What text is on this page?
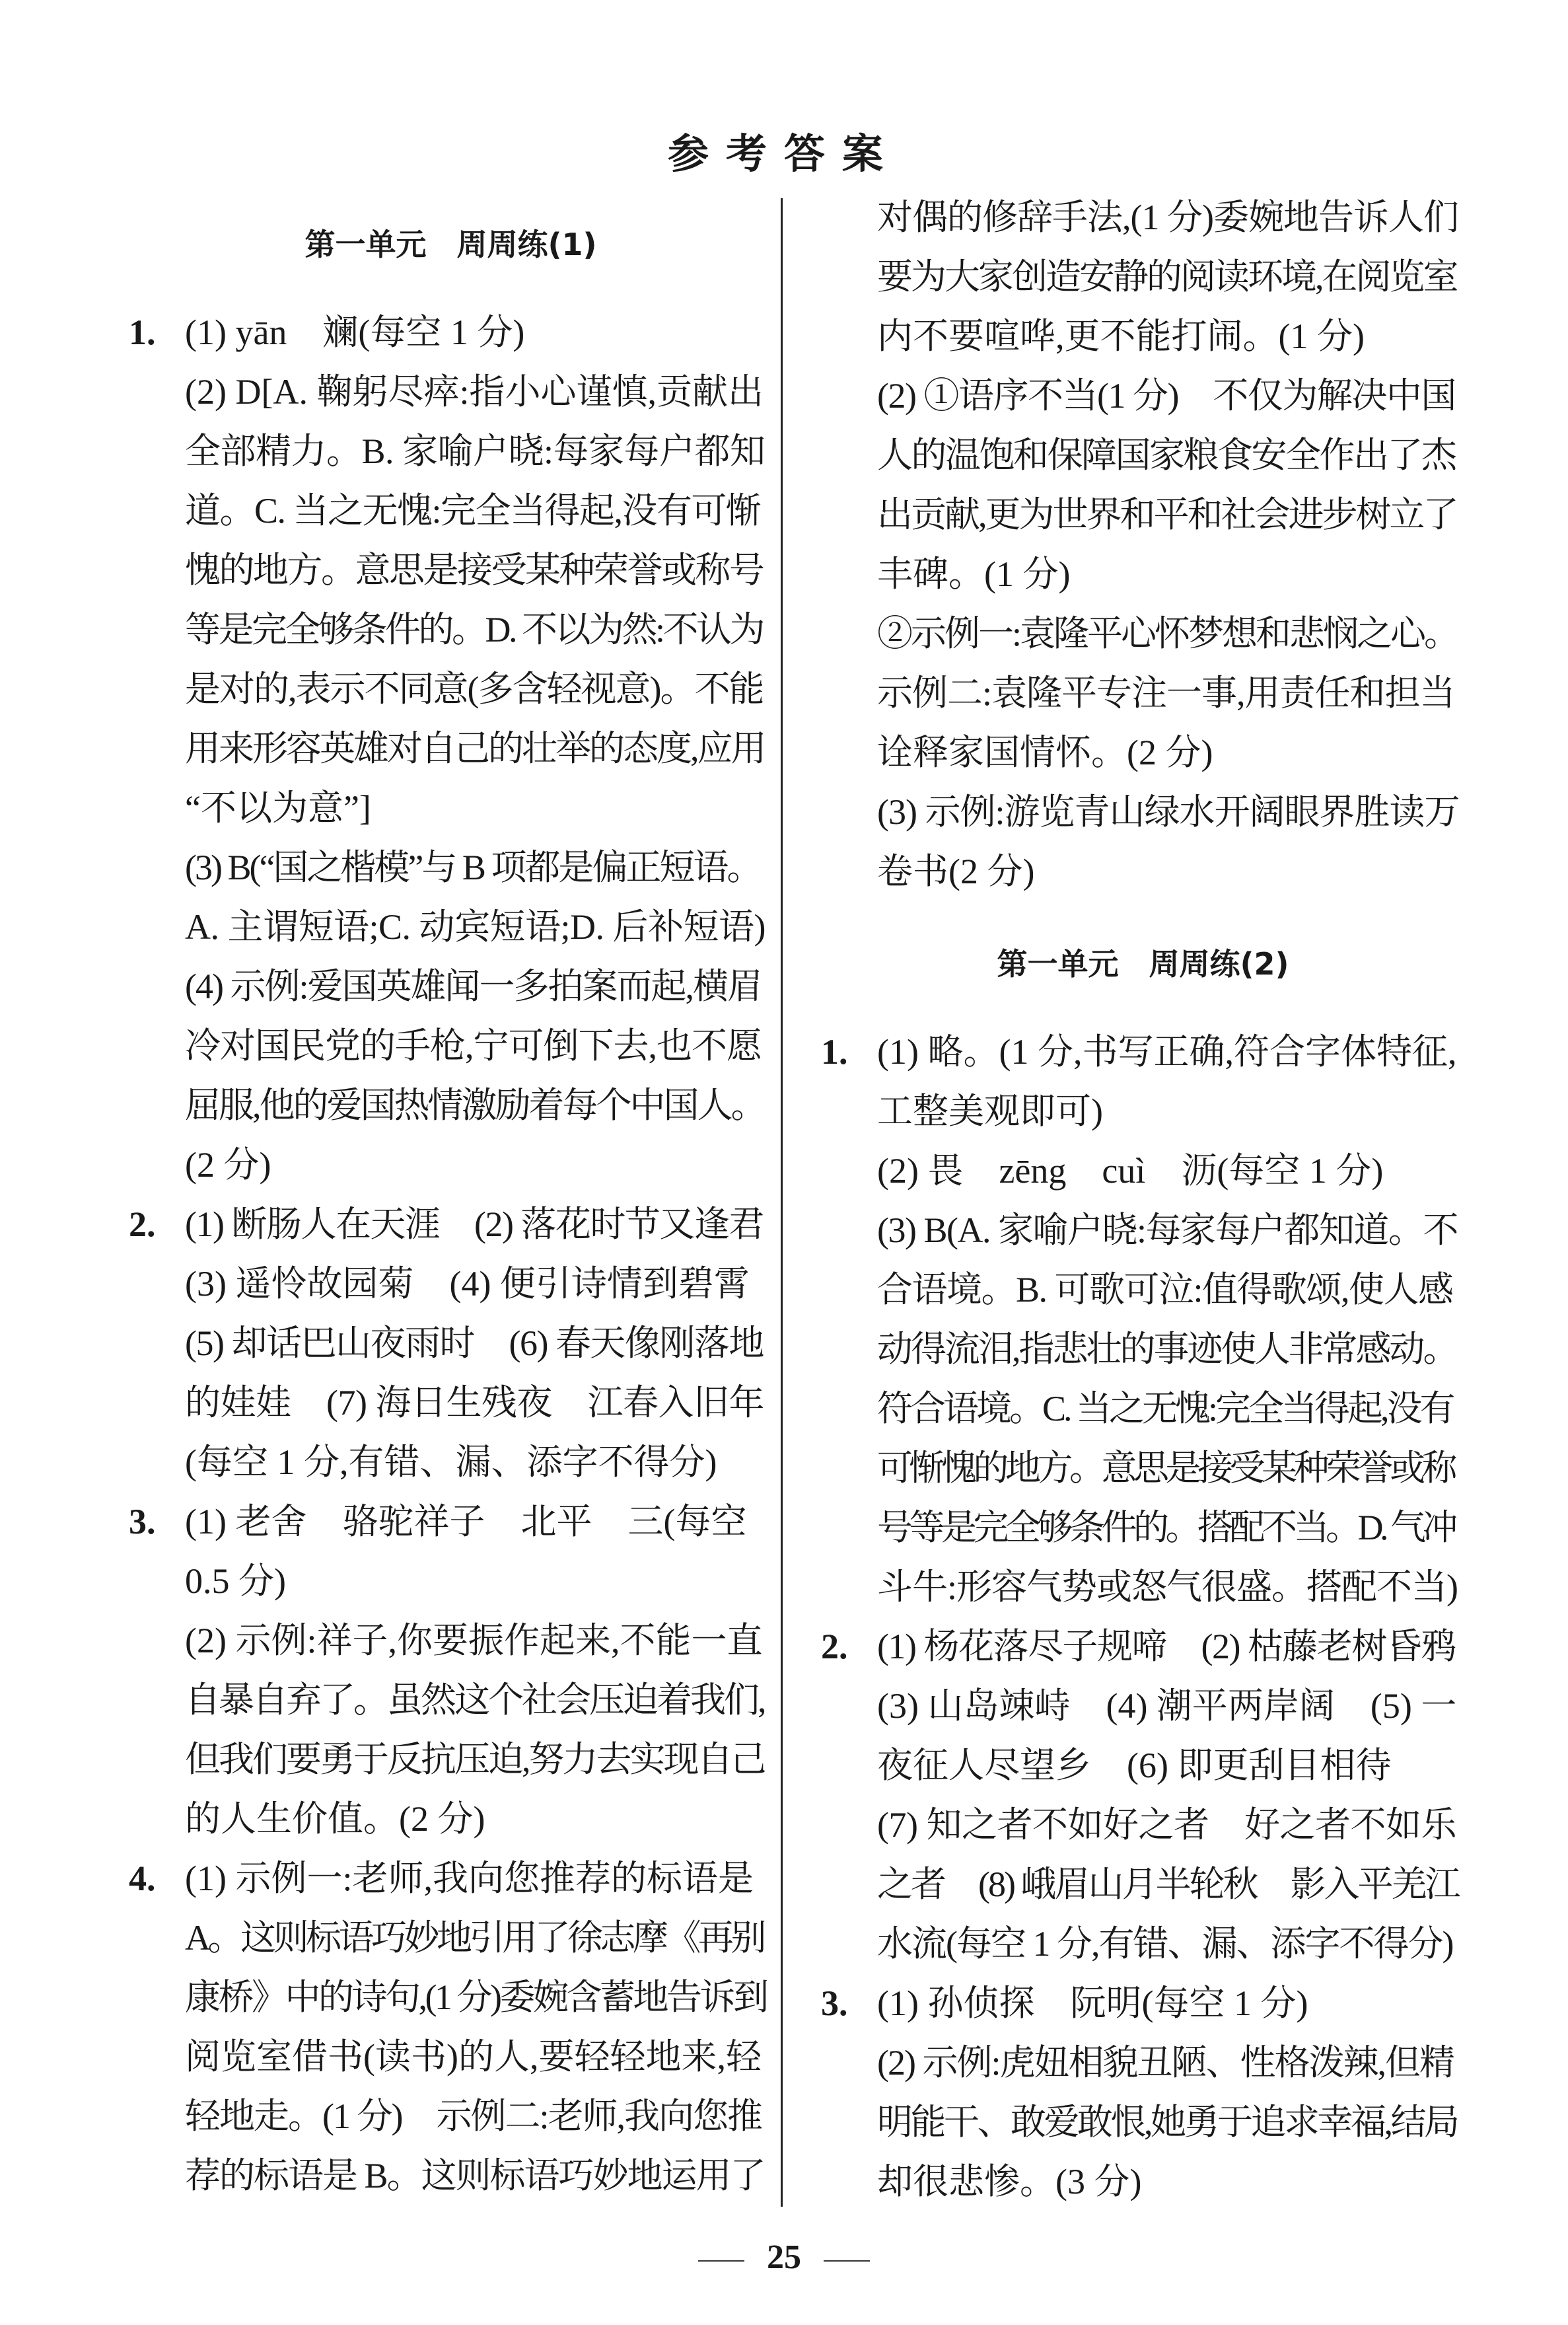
参考答案
第一单元　周周练(1)
1. (1) yān　斓(每空 1 分)
(2) D[A. 鞠躬尽瘁:指小心谨慎,贡献出
全部精力。B. 家喻户晓:每家每户都知
道。C. 当之无愧:完全当得起,没有可惭
愧的地方。意思是接受某种荣誉或称号
等是完全够条件的。D. 不以为然:不认为
是对的,表示不同意(多含轻视意)。不能
用来形容英雄对自己的壮举的态度,应用
“不以为意”]
(3) B(“国之楷模”与 B 项都是偏正短语。
A. 主谓短语;C. 动宾短语;D. 后补短语)
(4) 示例:爱国英雄闻一多拍案而起,横眉
冷对国民党的手枪,宁可倒下去,也不愿
屈服,他的爱国热情激励着每个中国人。
(2 分)
2. (1) 断肠人在天涯　(2) 落花时节又逢君
(3) 遥怜故园菊　(4) 便引诗情到碧霄
(5) 却话巴山夜雨时　(6) 春天像刚落地
的娃娃　(7) 海日生残夜　江春入旧年
(每空 1 分,有错、漏、添字不得分)
3. (1) 老舍　骆驼祥子　北平　三(每空
0.5 分)
(2) 示例:祥子,你要振作起来,不能一直
自暴自弃了。虽然这个社会压迫着我们,
但我们要勇于反抗压迫,努力去实现自己
的人生价值。(2 分)
4. (1) 示例一:老师,我向您推荐的标语是
A。这则标语巧妙地引用了徐志摩《再别
康桥》中的诗句,(1 分)委婉含蓄地告诉到
阅览室借书(读书)的人,要轻轻地来,轻
轻地走。(1 分)　示例二:老师,我向您推
荐的标语是 B。这则标语巧妙地运用了
对偶的修辞手法,(1 分)委婉地告诉人们
要为大家创造安静的阅读环境,在阅览室
内不要喧哗,更不能打闹。(1 分)
(2) ①语序不当(1 分)　不仅为解决中国
人的温饱和保障国家粮食安全作出了杰
出贡献,更为世界和平和社会进步树立了
丰碑。(1 分)
②示例一:袁隆平心怀梦想和悲悯之心。
示例二:袁隆平专注一事,用责任和担当
诠释家国情怀。(2 分)
(3) 示例:游览青山绿水开阔眼界胜读万
卷书(2 分)
第一单元　周周练(2)
1. (1) 略。(1 分,书写正确,符合字体特征,
工整美观即可)
(2) 畏　zēng　cuì　沥(每空 1 分)
(3) B(A. 家喻户晓:每家每户都知道。不
合语境。B. 可歌可泣:值得歌颂,使人感
动得流泪,指悲壮的事迹使人非常感动。
符合语境。C. 当之无愧:完全当得起,没有
可惭愧的地方。意思是接受某种荣誉或称
号等是完全够条件的。搭配不当。D. 气冲
斗牛:形容气势或怒气很盛。搭配不当)
2. (1) 杨花落尽子规啼　(2) 枯藤老树昏鸦
(3) 山岛竦峙　(4) 潮平两岸阔　(5) 一
夜征人尽望乡　(6) 即更刮目相待
(7) 知之者不如好之者　好之者不如乐
之者　(8) 峨眉山月半轮秋　影入平羌江
水流(每空 1 分,有错、漏、添字不得分)
3. (1) 孙侦探　阮明(每空 1 分)
(2) 示例:虎妞相貌丑陋、性格泼辣,但精
明能干、敢爱敢恨,她勇于追求幸福,结局
却很悲惨。(3 分)
25
